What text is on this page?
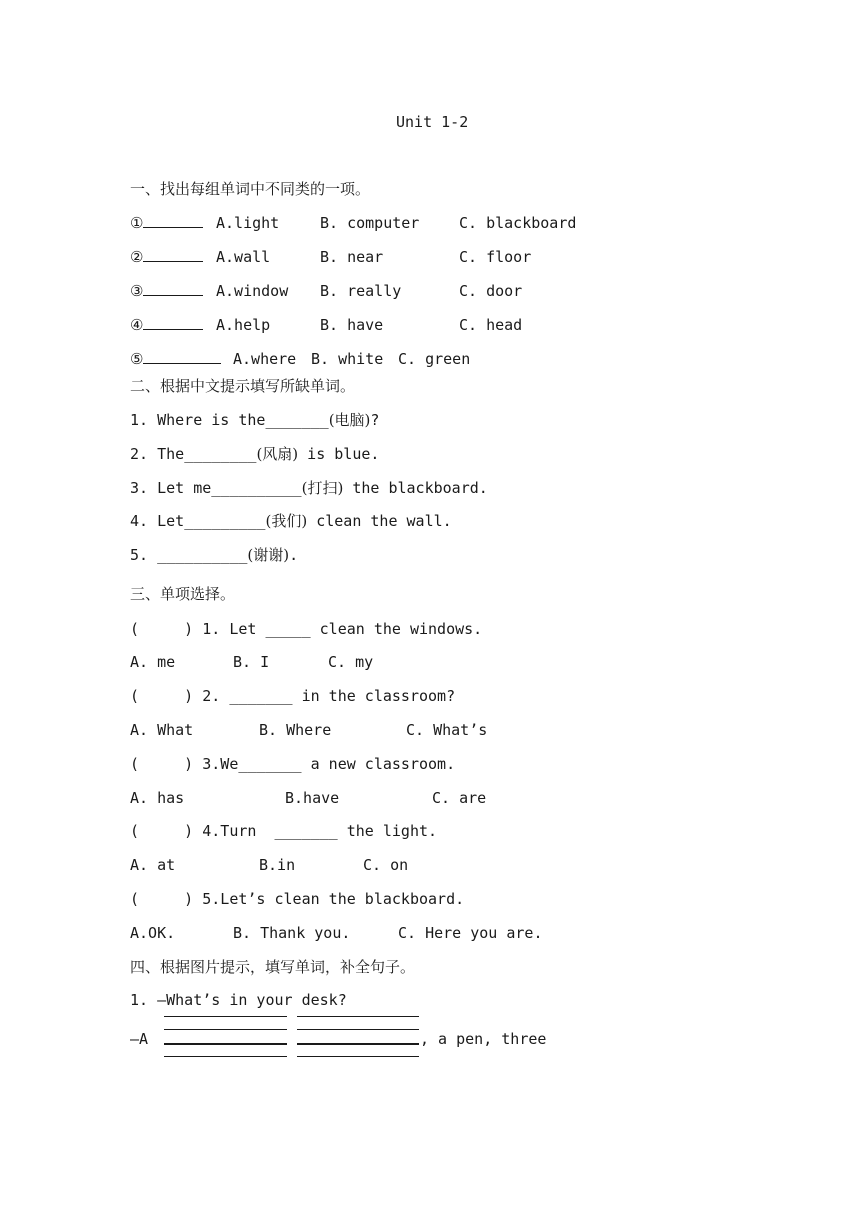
Unit 1-2
一、找出每组单词中不同类的一项。
①	A.light	B. computer	C. blackboard
②	A.wall	B. near	C. floor
③	A.window B. really	C. door
④	A.help	B. have	C. head
⑤	A.where B. white C. green
二、根据中文提示填写所缺单词。
1. Where is the_______(电脑)?
2. The________(风扇) is blue.
3. Let me__________(打扫) the blackboard.
4. Let_________(我们) clean the wall.
5. __________(谢谢).
三、单项选择。
(     ) 1. Let _____ clean the windows.
A. me	B. I	C. my
(     ) 2. _______ in the classroom?
A. What	B. Where	C. What’s
(     ) 3.We_______ a new classroom.
A. has	B.have	C. are
(     ) 4.Turn  _______ the light.
A. at	B.in	C. on
(     ) 5.Let’s clean the blackboard.
A.OK.	B. Thank you.	C. Here you are.
四、根据图片提示，填写单词，补全句子。
1. —What’s in your desk?
—A	, a pen, three
